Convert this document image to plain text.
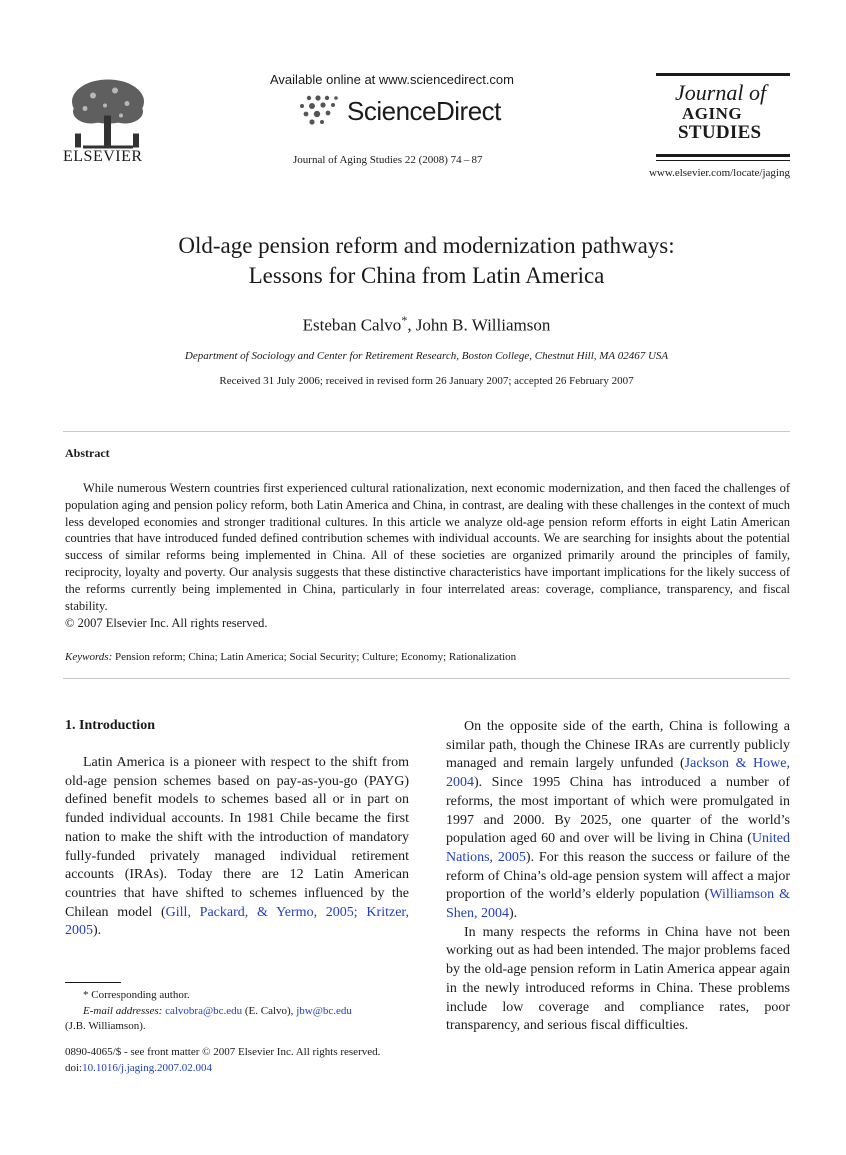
ELSEVIER
Available online at www.sciencedirect.com
ScienceDirect
Journal of Aging Studies 22 (2008) 74 – 87
Journal of
AGING
STUDIES
www.elsevier.com/locate/jaging
Old-age pension reform and modernization pathways:
Lessons for China from Latin America
Esteban Calvo*, John B. Williamson
Department of Sociology and Center for Retirement Research, Boston College, Chestnut Hill, MA 02467 USA
Received 31 July 2006; received in revised form 26 January 2007; accepted 26 February 2007
Abstract
While numerous Western countries first experienced cultural rationalization, next economic modernization, and then faced the challenges of population aging and pension policy reform, both Latin America and China, in contrast, are dealing with these challenges in the context of much less developed economies and stronger traditional cultures. In this article we analyze old-age pension reform efforts in eight Latin American countries that have introduced funded defined contribution schemes with individual accounts. We are searching for insights about the potential success of similar reforms being implemented in China. All of these societies are organized primarily around the principles of family, reciprocity, loyalty and poverty. Our analysis suggests that these distinctive characteristics have important implications for the likely success of the reforms currently being implemented in China, particularly in four interrelated areas: coverage, compliance, transparency, and fiscal stability.
© 2007 Elsevier Inc. All rights reserved.
Keywords: Pension reform; China; Latin America; Social Security; Culture; Economy; Rationalization
1. Introduction
Latin America is a pioneer with respect to the shift from old-age pension schemes based on pay-as-you-go (PAYG) defined benefit models to schemes based all or in part on funded individual accounts. In 1981 Chile became the first nation to make the shift with the introduction of mandatory fully-funded privately managed individual retirement accounts (IRAs). Today there are 12 Latin American countries that have shifted to schemes influenced by the Chilean model (Gill, Packard, & Yermo, 2005; Kritzer, 2005).

On the opposite side of the earth, China is following a similar path, though the Chinese IRAs are currently publicly managed and remain largely unfunded (Jackson & Howe, 2004). Since 1995 China has introduced a number of reforms, the most important of which were promulgated in 1997 and 2000. By 2025, one quarter of the world’s population aged 60 and over will be living in China (United Nations, 2005). For this reason the success or failure of the reform of China’s old-age pension system will affect a major proportion of the world’s elderly population (Williamson & Shen, 2004).

In many respects the reforms in China have not been working out as had been intended. The major problems faced by the old-age pension reform in Latin America appear again in the newly introduced reforms in China. These problems include low coverage and compliance rates, poor transparency, and serious fiscal difficulties.

* Corresponding author.
E-mail addresses: calvobra@bc.edu (E. Calvo), jbw@bc.edu
(J.B. Williamson).
0890-4065/$ - see front matter © 2007 Elsevier Inc. All rights reserved.
doi:10.1016/j.jaging.2007.02.004
